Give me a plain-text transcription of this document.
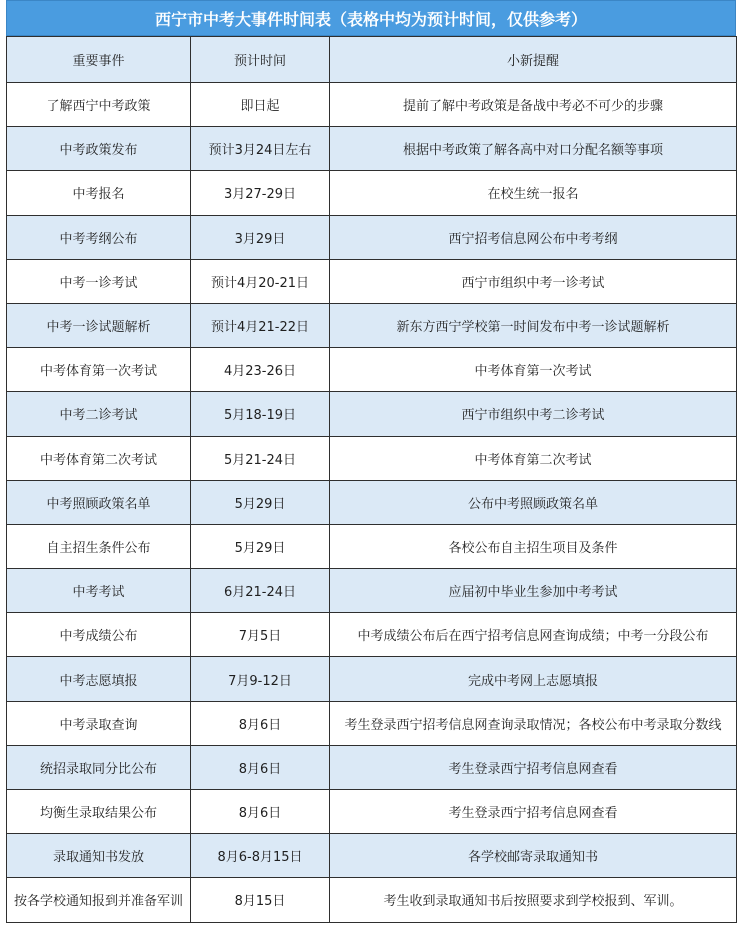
西宁市中考大事件时间表（表格中均为预计时间，仅供参考）
重要事件	预计时间	小新提醒
了解西宁中考政策	即日起	提前了解中考政策是备战中考必不可少的步骤
中考政策发布	预计3月24日左右	根据中考政策了解各高中对口分配名额等事项
中考报名	3月27-29日	在校生统一报名
中考考纲公布	3月29日	西宁招考信息网公布中考考纲
中考一诊考试	预计4月20-21日	西宁市组织中考一诊考试
中考一诊试题解析	预计4月21-22日	新东方西宁学校第一时间发布中考一诊试题解析
中考体育第一次考试	4月23-26日	中考体育第一次考试
中考二诊考试	5月18-19日	西宁市组织中考二诊考试
中考体育第二次考试	5月21-24日	中考体育第二次考试
中考照顾政策名单	5月29日	公布中考照顾政策名单
自主招生条件公布	5月29日	各校公布自主招生项目及条件
中考考试	6月21-24日	应届初中毕业生参加中考考试
中考成绩公布	7月5日	中考成绩公布后在西宁招考信息网查询成绩；中考一分段公布
中考志愿填报	7月9-12日	完成中考网上志愿填报
中考录取查询	8月6日	考生登录西宁招考信息网查询录取情况；各校公布中考录取分数线
统招录取同分比公布	8月6日	考生登录西宁招考信息网查看
均衡生录取结果公布	8月6日	考生登录西宁招考信息网查看
录取通知书发放	8月6-8月15日	各学校邮寄录取通知书
按各学校通知报到并准备军训	8月15日	考生收到录取通知书后按照要求到学校报到、军训。
